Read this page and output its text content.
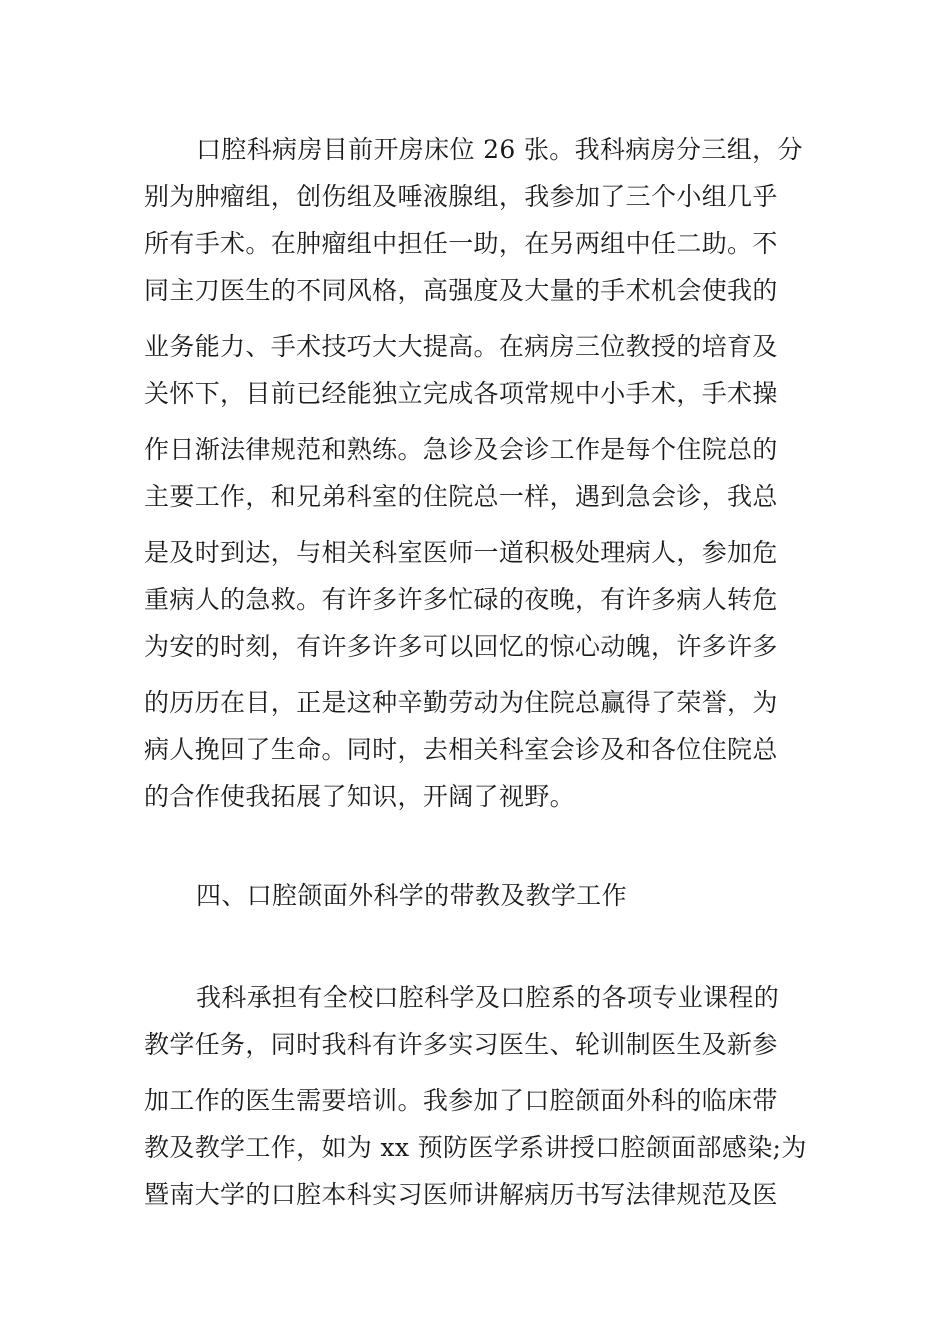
口腔科病房目前开房床位 26 张。我科病房分三组，分
别为肿瘤组，创伤组及唾液腺组，我参加了三个小组几乎
所有手术。在肿瘤组中担任一助，在另两组中任二助。不
同主刀医生的不同风格，高强度及大量的手术机会使我的
业务能力、手术技巧大大提高。在病房三位教授的培育及
关怀下，目前已经能独立完成各项常规中小手术，手术操
作日渐法律规范和熟练。急诊及会诊工作是每个住院总的
主要工作，和兄弟科室的住院总一样，遇到急会诊，我总
是及时到达，与相关科室医师一道积极处理病人，参加危
重病人的急救。有许多许多忙碌的夜晚，有许多病人转危
为安的时刻，有许多许多可以回忆的惊心动魄，许多许多
的历历在目，正是这种辛勤劳动为住院总赢得了荣誉，为
病人挽回了生命。同时，去相关科室会诊及和各位住院总
的合作使我拓展了知识，开阔了视野。
四、口腔颌面外科学的带教及教学工作
我科承担有全校口腔科学及口腔系的各项专业课程的
教学任务，同时我科有许多实习医生、轮训制医生及新参
加工作的医生需要培训。我参加了口腔颌面外科的临床带
教及教学工作，如为 xx 预防医学系讲授口腔颌面部感染;为
暨南大学的口腔本科实习医师讲解病历书写法律规范及医
